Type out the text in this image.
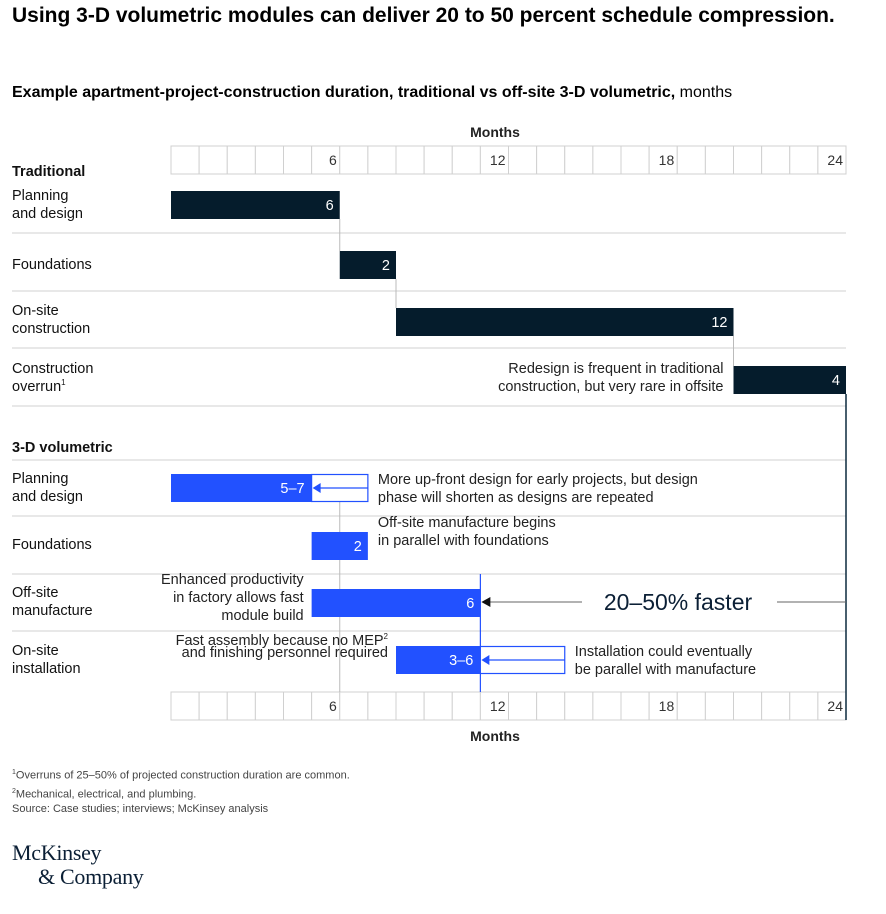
Using 3-D volumetric modules can deliver 20 to 50 percent schedule compression.
Example apartment-project-construction duration, traditional vs off-site 3-D volumetric, months
6	12	18	24
Months
6	12	18	24
Months
Traditional
3-D volumetric
Planning and design	6
Foundations	2
On-site construction	12
Construction overrun$^1$	4
Redesign is frequent in traditional construction, but very rare in offsite
Planning and design	5–7
More up-front design for early projects, but design phase will shorten as designs are repeated
Foundations	2
Off-site manufacture begins in parallel with foundations
Off-site manufacture	6
Enhanced productivity in factory allows fast module build
On-site installation	3–6
Installation could eventually be parallel with manufacture
Fast assembly because no MEP$^2$ and finishing personnel required
20–50% faster
$^1$Overruns of 25–50% of projected construction duration are common.
$^2$Mechanical, electrical, and plumbing.
Source: Case studies; interviews; McKinsey analysis
McKinsey
& Company
